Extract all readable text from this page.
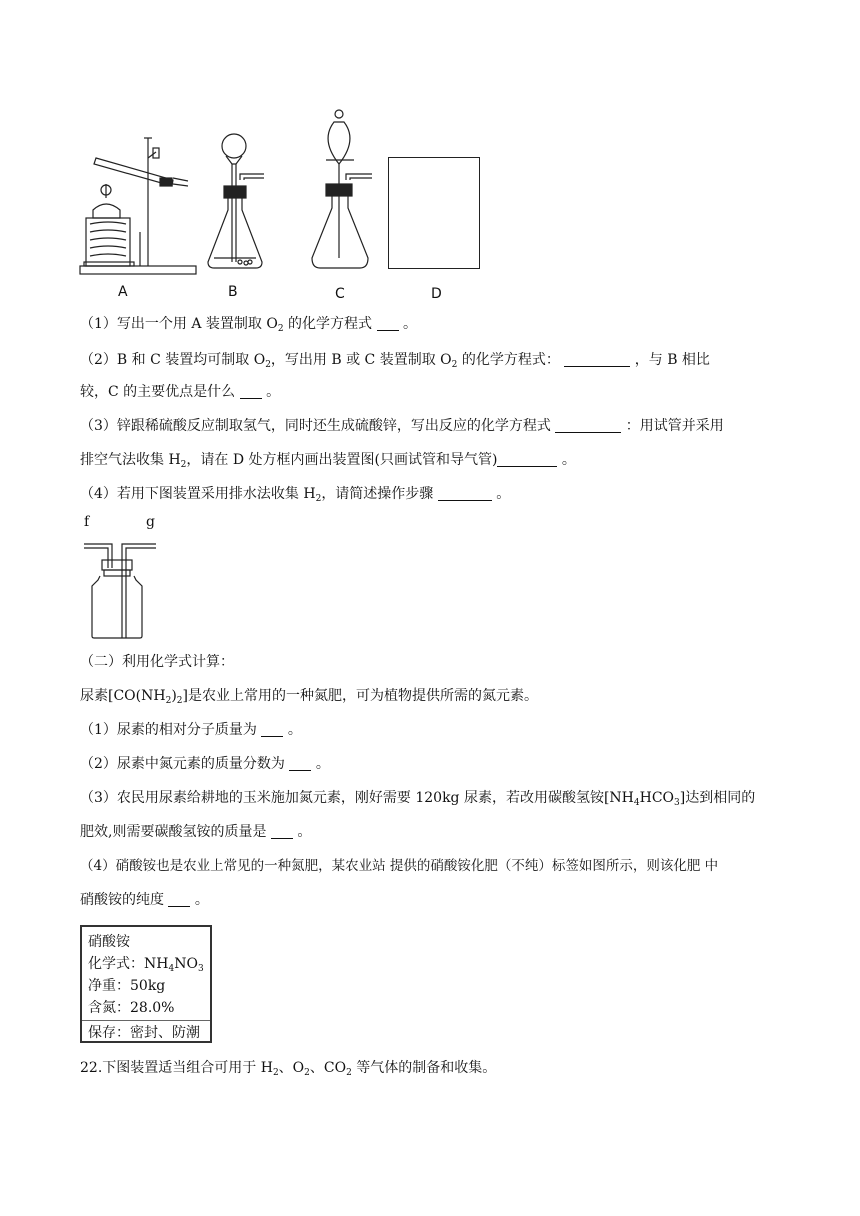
A	B	C	D
（1）写出一个用 A 装置制取 $O_2$ 的化学方程式  。
（2）B 和 C 装置均可制取 $O_2$，写出用 B 或 C 装置制取 $O_2$ 的化学方程式：	，与 B 相比
较，C 的主要优点是什么  。
（3）锌跟稀硫酸反应制取氢气，同时还生成硫酸锌，写出反应的化学方程式	：用试管并采用
排空气法收集 $H_2$，请在 D 处方框内画出装置图(只画试管和导气管)	。
（4）若用下图装置采用排水法收集 $H_2$，请简述操作步骤	。
f	g
（二）利用化学式计算：
尿素$[CO(NH_2)_2]$是农业上常用的一种氮肥，可为植物提供所需的氮元素。
（1）尿素的相对分子质量为  。
（2）尿素中氮元素的质量分数为  。
（3）农民用尿素给耕地的玉米施加氮元素，刚好需要 120kg 尿素，若改用碳酸氢铵$[NH_4HCO_3]$达到相同的
肥效,则需要碳酸氢铵的质量是  。
（4）硝酸铵也是农业上常见的一种氮肥，某农业站 提供的硝酸铵化肥（不纯）标签如图所示，则该化肥 中
硝酸铵的纯度  。
硝酸铵
化学式：$NH_4NO_3$
净重：50kg
含氮：28.0%
保存：密封、防潮
22.下图装置适当组合可用于 $H_2$、$O_2$、$CO_2$ 等气体的制备和收集。
